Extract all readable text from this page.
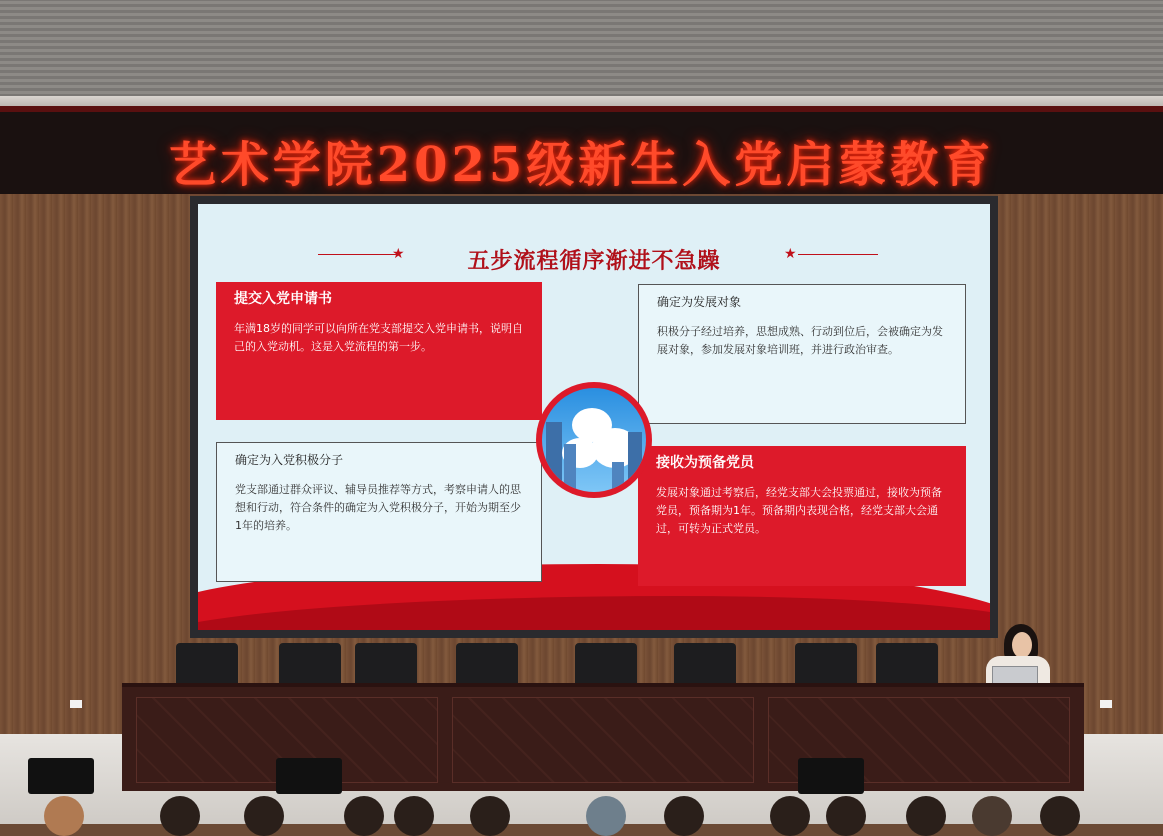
艺术学院2025级新生入党启蒙教育
★	五步流程循序渐进不急躁	★
提交入党申请书
年满18岁的同学可以向所在党支部提交入党申请书，说明自己的入党动机。这是入党流程的第一步。
确定为发展对象
积极分子经过培养，思想成熟、行动到位后，会被确定为发展对象，参加发展对象培训班，并进行政治审查。
确定为入党积极分子
党支部通过群众评议、辅导员推荐等方式，考察申请人的思想和行动，符合条件的确定为入党积极分子，开始为期至少1年的培养。
接收为预备党员
发展对象通过考察后，经党支部大会投票通过，接收为预备党员，预备期为1年。预备期内表现合格，经党支部大会通过，可转为正式党员。
